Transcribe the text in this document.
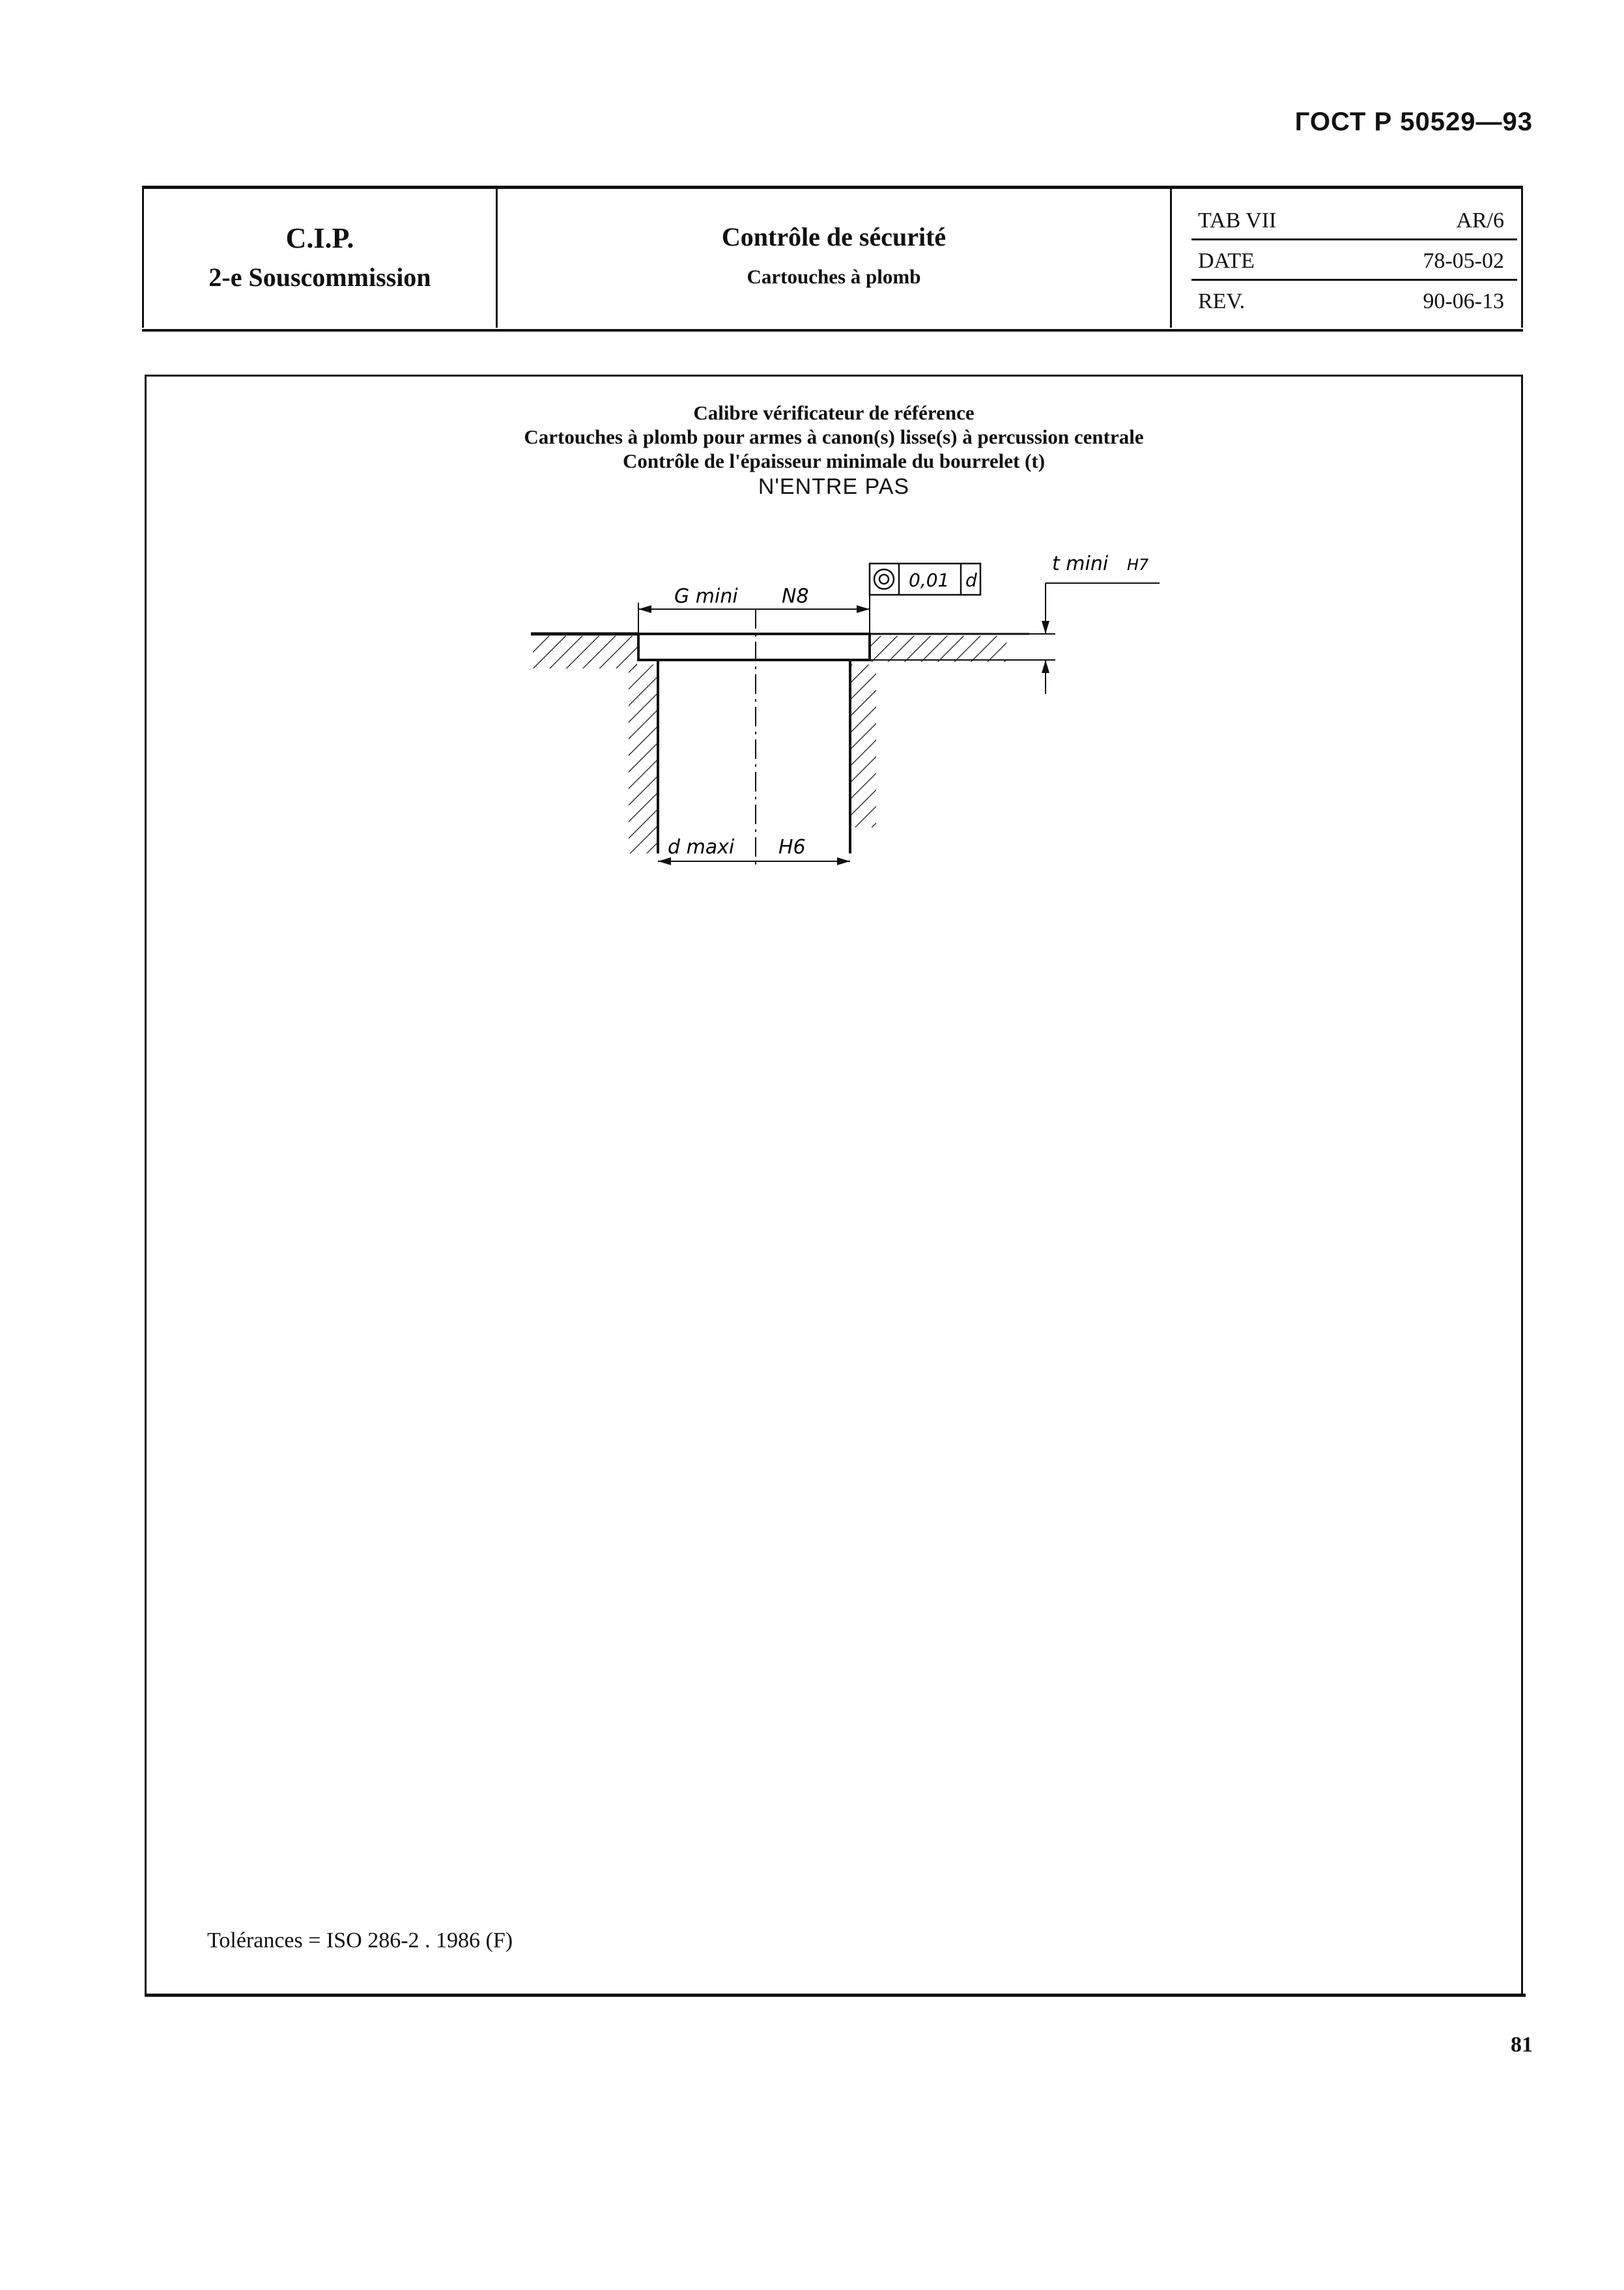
ГОСТ Р 50529—93
C.I.P.
2-e Souscommission
Contrôle de sécurité
Cartouches à plomb
TAB VII	AR/6
DATE	78-05-02
REV.	90-06-13
Calibre vérificateur de référence
Cartouches à plomb pour armes à canon(s) lisse(s) à percussion centrale
Contrôle de l'épaisseur minimale du bourrelet (t)
N'ENTRE PAS
G mini N8
0,01 d
t mini H7
d maxi H6
Tolérances = ISO 286-2 . 1986 (F)
81
